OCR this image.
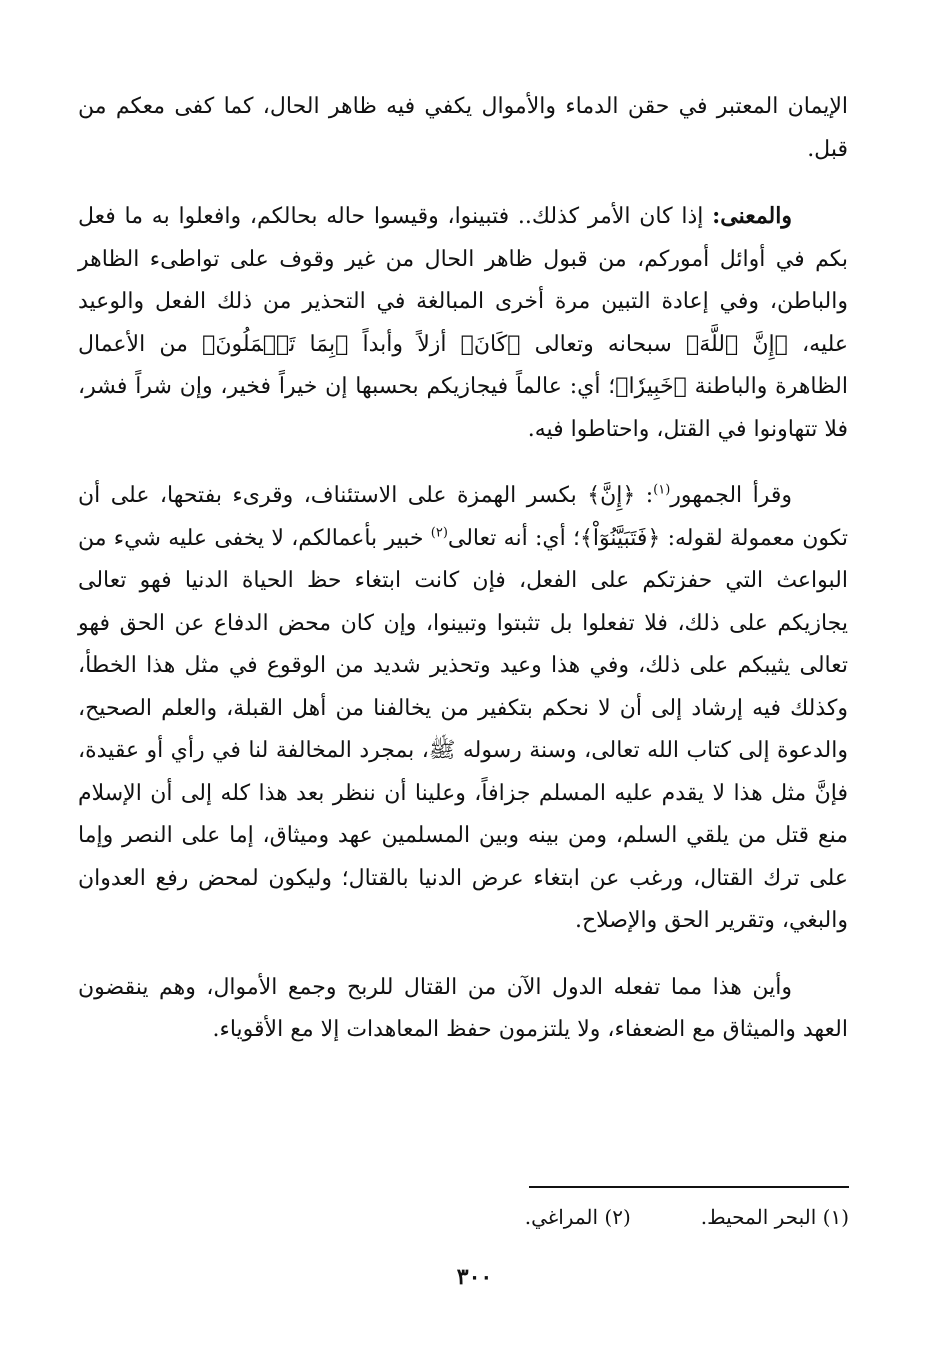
الإيمان المعتبر في حقن الدماء والأموال يكفي فيه ظاهر الحال، كما كفى معكم من قبل.

والمعنى: إذا كان الأمر كذلك.. فتبينوا، وقيسوا حاله بحالكم، وافعلوا به ما فعل بكم في أوائل أموركم، من قبول ظاهر الحال من غير وقوف على تواطىء الظاهر والباطن، وفي إعادة التبين مرة أخرى المبالغة في التحذير من ذلك الفعل والوعيد عليه، ﴿إِنَّ ٱللَّهَ﴾ سبحانه وتعالى ﴿كَانَ﴾ أزلاً وأبداً ﴿بِمَا تَعۡمَلُونَ﴾ من الأعمال الظاهرة والباطنة ﴿خَبِيرٗا﴾؛ أي: عالماً فيجازيكم بحسبها إن خيراً فخير، وإن شراً فشر، فلا تتهاونوا في القتل، واحتاطوا فيه.

وقرأ الجمهور$^{(١)}$: ﴿إِنَّ﴾ بكسر الهمزة على الاستئناف، وقرىء بفتحها، على أن تكون معمولة لقوله: ﴿فَتَبَيَّنُوٓاْ﴾؛ أي: أنه تعالى$^{(٢)}$ خبير بأعمالكم، لا يخفى عليه شيء من البواعث التي حفزتكم على الفعل، فإن كانت ابتغاء حظ الحياة الدنيا فهو تعالى يجازيكم على ذلك، فلا تفعلوا بل تثبتوا وتبينوا، وإن كان محض الدفاع عن الحق فهو تعالى يثيبكم على ذلك، وفي هذا وعيد وتحذير شديد من الوقوع في مثل هذا الخطأ، وكذلك فيه إرشاد إلى أن لا نحكم بتكفير من يخالفنا من أهل القبلة، والعلم الصحيح، والدعوة إلى كتاب الله تعالى، وسنة رسوله ﷺ، بمجرد المخالفة لنا في رأي أو عقيدة، فإنَّ مثل هذا لا يقدم عليه المسلم جزافاً، وعلينا أن ننظر بعد هذا كله إلى أن الإسلام منع قتل من يلقي السلم، ومن بينه وبين المسلمين عهد وميثاق، إما على النصر وإما على ترك القتال، ورغب عن ابتغاء عرض الدنيا بالقتال؛ وليكون لمحض رفع العدوان والبغي، وتقرير الحق والإصلاح.

وأين هذا مما تفعله الدول الآن من القتال للربح وجمع الأموال، وهم ينقضون العهد والميثاق مع الضعفاء، ولا يلتزمون حفظ المعاهدات إلا مع الأقوياء.

(١) البحر المحيط.
(٢) المراغي.
٣٠٠
